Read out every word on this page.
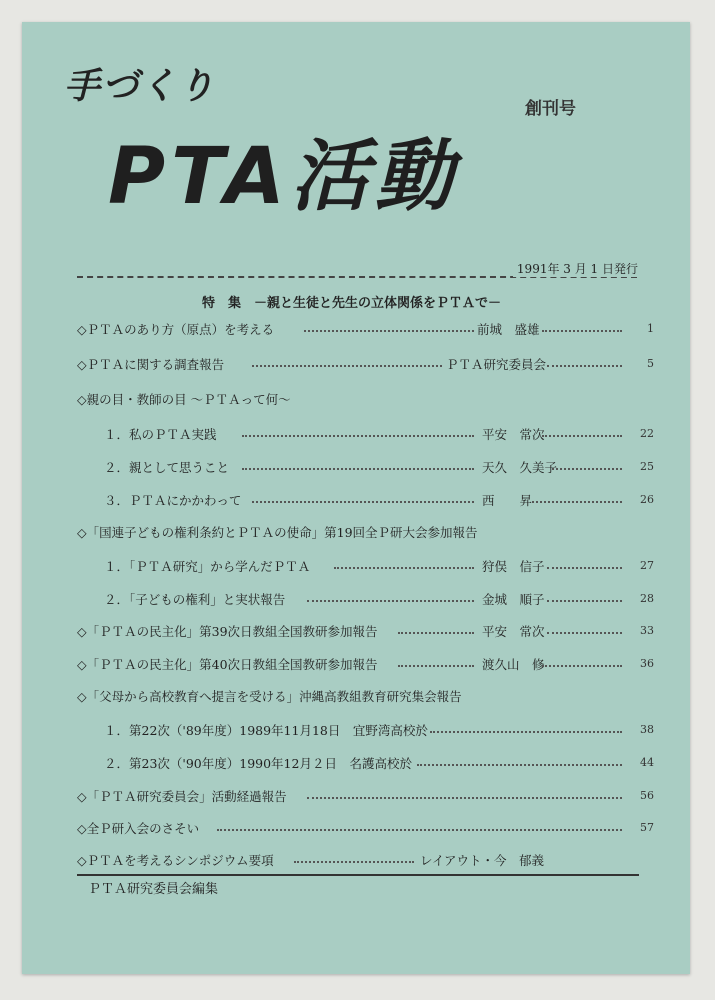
手づくり
PTA活動
創刊号
1991年 3 月 1 日発行
特　集　－親と生徒と先生の立体関係をＰＴＡで－
◇ＰＴＡのあり方（原点）を考える	前城　盛雄	1
◇ＰＴＡに関する調査報告	ＰＴＡ研究委員会	5
◇親の目・教師の目 ～ＰＴＡって何～
１．私のＰＴＡ実践	平安　常次	22
２．親として思うこと	天久　久美子	25
３．ＰＴＡにかかわって	西　　昇	26
◇「国連子どもの権利条約とＰＴＡの使命」第19回全Ｐ研大会参加報告
１．「ＰＴＡ研究」から学んだＰＴＡ	狩俣　信子	27
２．「子どもの権利」と実状報告	金城　順子	28
◇「ＰＴＡの民主化」第39次日教組全国教研参加報告	平安　常次	33
◇「ＰＴＡの民主化」第40次日教組全国教研参加報告	渡久山　修	36
◇「父母から高校教育へ提言を受ける」沖縄高教組教育研究集会報告
１．第22次（'89年度）1989年11月18日　宜野湾高校於	38
２．第23次（'90年度）1990年12月２日　名護高校於	44
◇「ＰＴＡ研究委員会」活動経過報告	56
◇全Ｐ研入会のさそい	57
◇ＰＴＡを考えるシンポジウム要項	レイアウト・今　郁義
ＰＴＡ研究委員会編集
